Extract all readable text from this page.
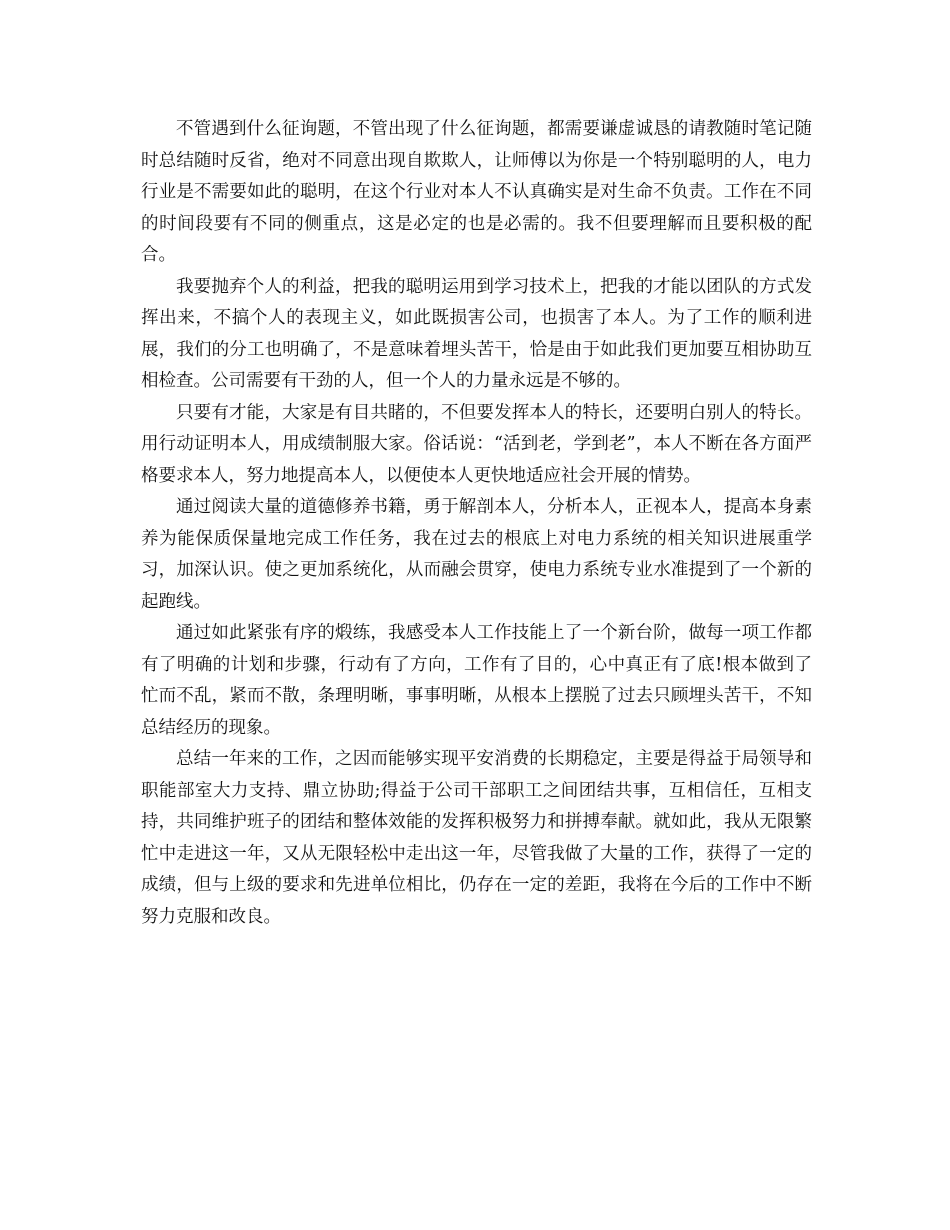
不管遇到什么征询题，不管出现了什么征询题，都需要谦虚诚恳的请教随时笔记随时总结随时反省，绝对不同意出现自欺欺人，让师傅以为你是一个特别聪明的人，电力行业是不需要如此的聪明，在这个行业对本人不认真确实是对生命不负责。工作在不同的时间段要有不同的侧重点，这是必定的也是必需的。我不但要理解而且要积极的配合。

我要抛弃个人的利益，把我的聪明运用到学习技术上，把我的才能以团队的方式发挥出来，不搞个人的表现主义，如此既损害公司，也损害了本人。为了工作的顺利进展，我们的分工也明确了，不是意味着埋头苦干，恰是由于如此我们更加要互相协助互相检查。公司需要有干劲的人，但一个人的力量永远是不够的。

只要有才能，大家是有目共睹的，不但要发挥本人的特长，还要明白别人的特长。用行动证明本人，用成绩制服大家。俗话说：“活到老，学到老”，本人不断在各方面严格要求本人，努力地提高本人，以便使本人更快地适应社会开展的情势。

通过阅读大量的道德修养书籍，勇于解剖本人，分析本人，正视本人，提高本身素养为能保质保量地完成工作任务，我在过去的根底上对电力系统的相关知识进展重学习，加深认识。使之更加系统化，从而融会贯穿，使电力系统专业水准提到了一个新的起跑线。

通过如此紧张有序的煅练，我感受本人工作技能上了一个新台阶，做每一项工作都有了明确的计划和步骤，行动有了方向，工作有了目的，心中真正有了底!根本做到了忙而不乱，紧而不散，条理明晰，事事明晰，从根本上摆脱了过去只顾埋头苦干，不知总结经历的现象。

总结一年来的工作，之因而能够实现平安消费的长期稳定，主要是得益于局领导和职能部室大力支持、鼎立协助;得益于公司干部职工之间团结共事，互相信任，互相支持，共同维护班子的团结和整体效能的发挥积极努力和拼搏奉献。就如此，我从无限繁忙中走进这一年，又从无限轻松中走出这一年，尽管我做了大量的工作，获得了一定的成绩，但与上级的要求和先进单位相比，仍存在一定的差距，我将在今后的工作中不断努力克服和改良。
